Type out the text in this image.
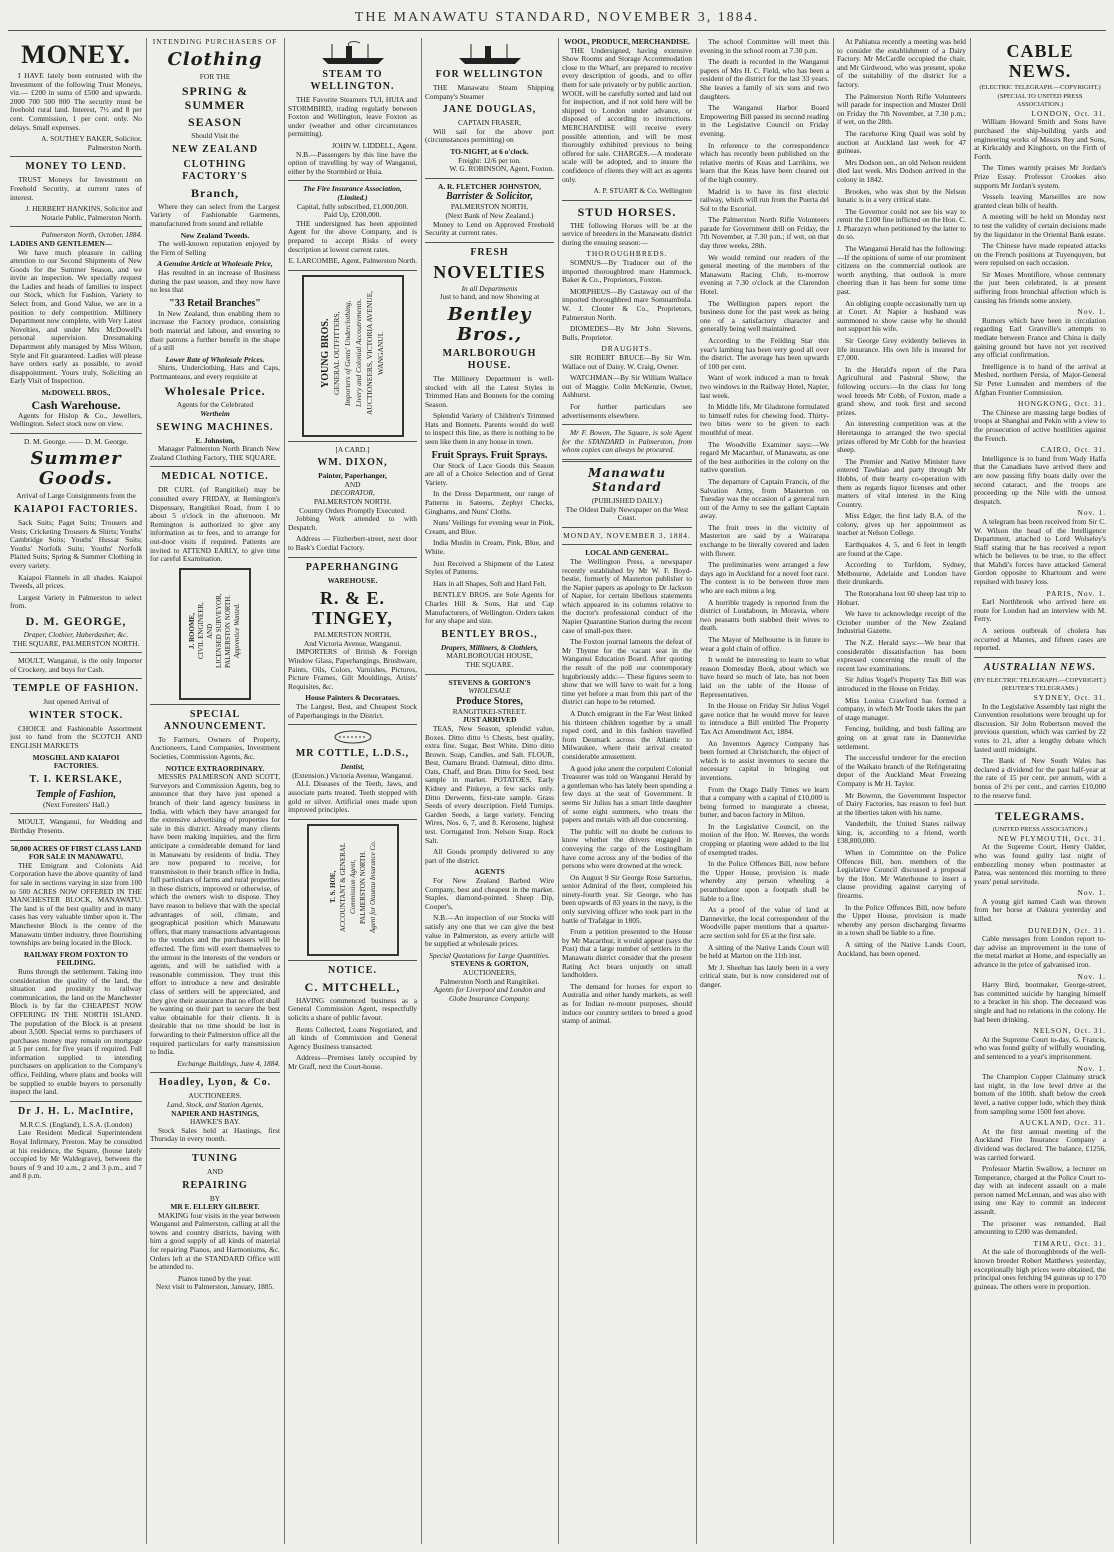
THE MANAWATU STANDARD, NOVEMBER 3, 1884.
MONEY.

I HAVE lately been entrusted with the Investment of the following Trust Moneys, viz.— £200 in sums of £500 and upwards. 2000 700 500 800 The security must be freehold rural land. Interest, 7½ and 8 per cent. Commission, 1 per cent. only. No delays. Small expenses.

A. SOUTHEY BAKER, Solicitor, Palmerston North.
MONEY TO LEND.

TRUST Moneys for Investment on Freehold Security, at current rates of interest.

J. HERBERT HANKINS, Solicitor and Notarie Public, Palmerston North.
Palmerston North, October, 1884.
LADIES AND GENTLEMEN—

We have much pleasure in calling attention to our Second Shipments of New Goods for the Summer Season, and we invite an inspection. We specially request the Ladies and heads of families to inspect our Stock, which for Fashion, Variety to Select from, and Good Value, we are in a position to defy competition. Millinery Department now complete, with Very Latest Novelties, and under Mrs McDowell's personal supervision. Dressmaking Department ably managed by Miss Wilson, Style and Fit guaranteed. Ladies will please have orders early as possible, to avoid disappointment. Yours truly, Soliciting an Early Visit of Inspection.

McDOWELL BROS.,
Cash Warehouse.

Agents for Hislop & Co., Jewellers, Wellington. Select stock now on view.

D. M. George. —— D. M. George.
Summer Goods.
Arrival of Large Consignments from the
KAIAPOI FACTORIES.

Sack Suits; Paget Suits; Trousers and Vests; Cricketing Trousers & Shirts; Youths' Cambridge Suits; Youths' Hussar Suits; Youths' Norfolk Suits; Youths' Norfolk Plaited Suits; Spring & Summer Clothing in every variety.

Kaiapoi Flannels in all shades. Kaiapoi Tweeds, all prices.

Largest Variety in Palmerston to select from.

D. M. GEORGE,
Draper, Clothier, Haberdasher, &c.
THE SQUARE, PALMERSTON NORTH.

MOULT, Wanganui, is the only Importer of Crockery, and buys for Cash.

TEMPLE OF FASHION.
Just opened Arrival of
WINTER STOCK.

CHOICE and Fashionable Assortment just to hand from the SCOTCH AND ENGLISH MARKETS

MOSGIEL AND KAIAPOI FACTORIES.
T. I. KERSLAKE,
Temple of Fashion,
(Next Foresters' Hall.)

MOULT, Wanganui, for Wedding and Birthday Presents.

50,000 ACRES OF FIRST CLASS LAND FOR SALE IN MANAWATU.

THE Emigrant and Colonists Aid Corporation have the above quantity of land for sale in sections varying in size from 100 to 500 ACRES NOW OFFERED IN THE MANCHESTER BLOCK, MANAWATU. The land is of the best quality and in many cases has very valuable timber upon it. The Manchester Block is the centre of the Manawatu timber industry, three flourishing townships are being located in the Block.

RAILWAY FROM FOXTON TO FEILDING.

Runs through the settlement. Taking into consideration the quality of the land, the situation and proximity to railway communication, the land on the Manchester Block is by far the CHEAPEST NOW OFFERING IN THE NORTH ISLAND. The population of the Block is at present about 3,500. Special terms to purchasers of purchases money may remain on mortgage at 5 per cent. for five years if required. Full information supplied to intending purchasers on application to the Company's office, Feilding, where plans and books will be supplied to enable buyers to personally inspect the land.

Dr J. H. L. MacIntire,
M.R.C.S. (England), L.S.A. (London)

Late Resident Medical Superintendent Royal Infirmary, Preston. May be consulted at his residence, the Square, (house lately occupied by Mr Waldegrave), between the hours of 9 and 10 a.m., 2 and 3 p.m., and 7 and 8 p.m.

INTENDING PURCHASERS OF
Clothing
FOR THE
SPRING & SUMMER
SEASON
Should Visit the
NEW ZEALAND
CLOTHING FACTORY'S
Branch,

Where they can select from the Largest Variety of Fashionable Garments, manufactured from sound and reliable

New Zealand Tweeds.

The well-known reputation enjoyed by the Firm of Selling

A Genuine Article at Wholesale Price,

Has resulted in an increase of Business during the past season, and they now have no less that

"33 Retail Branches"

In New Zealand, thus enabling them to increase the Factory produce, consisting both material and labour, and ensuring to their patrons a further benefit in the shape of a still

Lower Rate of Wholesale Prices.

Shirts, Underclothing, Hats and Caps, Portmanteaus, and every requisite at

Wholesale Price.
Agents for the Celebrated
Wertheim
SEWING MACHINES.
E. Johnston,

Manager Palmerston North Branch New Zealand Clothing Factory, THE SQUARE.

MEDICAL NOTICE.

DR CURL (of Rangitikei) may be consulted every FRIDAY, at Remington's Dispensary, Rangitikei Road, from 1 to about 5 o'clock in the afternoon. Mr Remington is authorized to give any information as to fees, and to arrange for out-door visits if required. Patients are invited to ATTEND EARLY, to give time for careful Examination.

J. ROOME, CIVIL ENGINEER, AND LICENSED SURVEYOR, PALMERSTON NORTH. Apprentice Wanted.
SPECIAL ANNOUNCEMENT.

To Farmers, Owners of Property, Auctioneers, Land Companies, Investment Societies, Commission Agents, &c.

NOTICE EXTRAORDINARY.

MESSRS PALMERSON AND SCOTT, Surveyors and Commission Agents, beg to announce that they have just opened a branch of their land agency business in India, with which they have arranged for the extensive advertising of properties for sale in this district. Already many clients have been making inquiries, and the firm anticipate a considerable demand for land in Manawatu by residents of India. They are now prepared to receive, for transmission to their branch office in India, full particulars of farms and rural properties in these districts, improved or otherwise, of which the owners wish to dispose. They have reason to believe that with the special advantages of soil, climate, and geographical position which Manawatu offers, that many transactions advantageous to the vendors and the purchasers will be effected. The firm will exert themselves to the utmost in the interests of the vendors or agents, and will be satisfied with a reasonable commission. They trust this effort to introduce a new and desirable class of settlers will be appreciated, and they give their assurance that no effort shall be wanting on their part to secure the best value obtainable for their clients. It is desirable that no time should be lost in forwarding to their Palmerston office all the required particulars for early transmission to India.

Exchange Buildings, June 4, 1884.
Hoadley, Lyon, & Co.
AUCTIONEERS.
Land, Stock, and Station Agents,
NAPIER AND HASTINGS,
HAWKE'S BAY.

Stock Sales held at Hastings, first Thursday in every month.

TUNING
AND
REPAIRING
BY
MR E. ELLERY GILBERT.

MAKING four visits in the year between Wanganui and Palmerston, calling at all the towns and country districts, having with him a good supply of all kinds of material for repairing Pianos, and Harmoniums, &c. Orders left at the STANDARD Office will be attended to.

Pianos tuned by the year.
Next visit to Palmerston, January, 1885.
STEAM TO WELLINGTON.

THE Favorite Steamers TUI, HUIA and STORMBIRD, trading regularly between Foxton and Wellington, leave Foxton as under (weather and other circumstances permitting).

JOHN W. LIDDELL, Agent.

N.B.—Passengers by this line have the option of travelling by way of Wanganui, either by the Stormbird or Huia.

The Fire Insurance Association, (Limited.)
Capital, fully subscribed, £1,000,000.
Paid Up, £200,000.

THE undersigned has been appointed Agent for the above Company, and is prepared to accept Risks of every description at lowest current rates.

E. LARCOMBE, Agent, Palmerston North.
YOUNG BROS. GENERAL OUTFITTERS, Importers of Gents' Underclothing, Livery and Colonial Accoutrements. AUCTIONEERS, VICTORIA AVENUE, WANGANUI.
[A CARD.]
WM. DIXON,
Painter, Paperhanger,
AND
DECORATOR,
PALMERSTON NORTH.
Country Orders Promptly Executed.

Jobbing Work attended to with Despatch.

Address — Fitzherbert-street, next door to Bask's Cordial Factory.

PAPERHANGING
WAREHOUSE.
R. & E. TINGEY,
PALMERSTON NORTH,
And Victoria Avenue, Wanganui.

IMPORTERS of British & Foreign Window Glass, Paperhangings, Brushware, Paints, Oils, Colors, Varnishes, Pictures, Picture Frames, Gilt Mouldings, Artists' Requisites, &c.

House Painters & Decorators.

The Largest, Best, and Cheapest Stock of Paperhangings in the District.

MR COTTLE, L.D.S.,
Dentist,
(Extension.) Victoria Avenue, Wanganui.

ALL Diseases of the Teeth, Jaws, and associate parts treated. Teeth stopped with gold or silver. Artificial ones made upon improved principles.

T. S. HOE, ACCOUNTANT & GENERAL Commission Agent, PALMERSTON NORTH. Agent for Otautau Insurance Co.
NOTICE.
C. MITCHELL,

HAVING commenced business as a General Commission Agent, respectfully solicits a share of public favour.

Rents Collected, Loans Negotiated, and all kinds of Commission and General Agency Business transacted.

Address—Premises lately occupied by Mr Graff, next the Court-house.

FOR WELLINGTON

THE Manawatu Steam Shipping Company's Steamer

JANE DOUGLAS,
CAPTAIN FRASER,

Will sail for the above port (circumstances permitting) on

TO-NIGHT, at 6 o'clock.
Freight: 12/6 per ton.
W. G. ROBINSON, Agent, Foxton.
A. R. FLETCHER JOHNSTON,
Barrister & Solicitor,
PALMERSTON NORTH,
(Next Bank of New Zealand.)

Money to Lend on Approved Freehold Security at current rates.

FRESH
NOVELTIES
In all Departments
Just to hand, and now Showing at
Bentley Bros.,
MARLBOROUGH HOUSE.

The Millinery Department is well-stocked with all the Latest Styles in Trimmed Hats and Bonnets for the coming Season.

Splendid Variety of Children's Trimmed Hats and Bonnets. Parents would do well to inspect this line, as there is nothing to be seen like them in any house in town.

Fruit Sprays. Fruit Sprays.

Our Stock of Lace Goods this Season are all of a Choice Selection and of Great Variety.

In the Dress Department, our range of Patterns in Sateens, Zephyr Checks, Ginghams, and Nuns' Cloths.

Nuns' Veilings for evening wear in Pink, Cream, and Blue.

India Muslin in Cream, Pink, Blue, and White.

Just Received a Shipment of the Latest Styles of Patterns.

Hats in all Shapes, Soft and Hard Felt.

BENTLEY BROS. are Sole Agents for Charles Hill & Sons, Hat and Cap Manufacturers, of Wellington. Orders taken for any shape and size.

BENTLEY BROS.,
Drapers, Milliners, & Clothiers,
MARLBOROUGH HOUSE,
THE SQUARE.
STEVENS & GORTON'S
WHOLESALE
Produce Stores,
RANGITIKEI-STREET.
JUST ARRIVED

TEAS, New Season, splendid value, Boxes. Ditto ditto ½ Chests, best quality, extra fine. Sugar, Best White. Ditto ditto Brown. Soap, Candles, and Salt. FLOUR, Best, Oamaru Brand. Oatmeal, ditto ditto. Oats, Chaff, and Bran. Ditto for Seed, best sample in market. POTATOES, Early Kidney and Pinkeye, a few sacks only. Ditto Derwents, first-rate sample. Grass Seeds of every description. Field Turnips. Garden Seeds, a large variety. Fencing Wires, Nos. 6, 7, and 8. Kerosene, highest test. Corrugated Iron. Nelson Soap. Rock Salt.

All Goods promptly delivered to any part of the district.

AGENTS

For New Zealand Barbed Wire Company, best and cheapest in the market. Staples, diamond-pointed. Sheep Dip, Cooper's,

N.B.—An inspection of our Stocks will satisfy any one that we can give the best value in Palmerston, as every article will be supplied at wholesale prices.

Special Quotations for Large Quantities.
STEVENS & GORTON,
AUCTIONEERS,
Palmerston North and Rangitikei.
Agents for Liverpool and London and Globe Insurance Company.
WOOL, PRODUCE, MERCHANDISE.

THE Undersigned, having extensive Show Rooms and Storage Accommodation close to the Wharf, are prepared to receive every description of goods, and to offer them for sale privately or by public auction. WOOL will be carefully sorted and laid out for inspection, and if not sold here will be shipped to London under advance, or disposed of according to instructions. MERCHANDISE will receive every possible attention, and will be most thoroughly exhibited previous to being offered for sale. CHARGES.—A moderate scale will be adopted, and to insure the confidence of clients they will act as agents only.

A. P. STUART & Co. Wellington
STUD HORSES.

THE following Horses will be at the service of breeders in the Manawatu district during the ensuing season:—

THOROUGHBREDS.

SOMNUS—By Traducer out of the imported thoroughbred mare Hammock. Baker & Co., Proprietors, Foxton.

MORPHEUS—By Castaway out of the imported thoroughbred mare Somnambula. W. J. Clouter & Co., Proprietors, Palmerston North.

DIOMEDES—By Mr John Stevens, Bulls, Proprietor.

DRAUGHTS.

SIR ROBERT BRUCE—By Sir Wm. Wallace out of Daisy. W. Craig, Owner.

WATCHMAN—By Sir William Wallace out of Maggie. Colin McKenzie, Owner, Ashhurst.

For further particulars see advertisements elsewhere.

Mr F. Bowen, The Square, is sole Agent for the STANDARD in Palmerston, from whom copies can always be procured.

Manawatu Standard
(PUBLISHED DAILY.)
The Oldest Daily Newspaper on the West Coast.
MONDAY, NOVEMBER 3, 1884.
LOCAL AND GENERAL.

The Wellington Press, a newspaper recently established by Mr W. F. Boyd-bestie, formerly of Masterton publisher to the Napier papers as apology to Dr Jackson of Napier, for certain libellous statements which appeared in its columns relative to the doctor's professional conduct of the Napier Quarantine Station during the recent case of small-pox there.

The Foxton journal laments the defeat of Mr Thynne for the vacant seat in the Wanganui Education Board. After quoting the result of the poll our contemporary lugubriously adds:— These figures seem to show that we will have to wait for a long time yet before a man from this part of the district can hope to be returned.

A Dutch emigrant in the Far West linked his thirteen children together by a small roped cord, and in this fashion travelled from Denmark across the Atlantic to Milwaukee, where their arrival created considerable amusement.

A good joke anent the corpulent Colonial Treasurer was told on Wanganui Herald by a gentleman who has lately been spending a few days at the seat of Government. It seems Sir Julius has a smart little daughter of some eight summers, who treats the papers and metals with all due concerning.

The public will no doubt be curious to know whether the drivers engaged in conveying the cargo of the Lostinglham have come across any of the bodies of the persons who were drowned at the wreck.

On August 9 Sir George Rose Sartorius, senior Admiral of the fleet, completed his ninety-fourth year. Sir George, who has been upwards of 83 years in the navy, is the only surviving officer who took part in the battle of Trafalgar in 1805.

From a petition presented to the House by Mr Macarthur, it would appear (says the Post) that a large number of settlers in the Manawatu district consider that the present Rating Act bears unjustly on small landholders.

The demand for horses for export to Australia and other handy markets, as well as for Indian re-mount purposes, should induce our country settlers to breed a good stamp of animal.

The school Committee will meet this evening in the school room at 7.30 p.m.

The death is recorded in the Wanganui papers of Mrs H. C. Field, who has been a resident of the district for the last 33 years. She leaves a family of six sons and two daughters.

The Wanganui Harbor Board Empowering Bill passed its second reading in the Legislative Council on Friday evening.

In reference to the correspondence which has recently been published on the relative merits of Keas and Larrikins, we learn that the Keas have been cleared out of the high country.

Madrid is to have its first electric railway, which will run from the Puerta del Sol to the Escorial.

The Palmerston North Rifle Volunteers parade for Government drill on Friday, the 7th November, at 7.30 p.m.; if wet, on that day three weeks, 28th.

We would remind our readers of the general meeting of the members of the Manawatu Racing Club, to-morrow evening at 7.30 o'clock at the Clarendon Hotel.

The Wellington papers report the business done for the past week as being one of a satisfactory character and generally being well maintained.

According to the Feilding Star this year's lambing has been very good all over the district. The average has been upwards of 100 per cent.

Want of work induced a man to break two windows in the Railway Hotel, Napier, last week.

In Middle life, Mr Gladstone formulated to himself rules for chewing food. Thirty-two bites were to be given to each mouthful of meat.

The Woodville Examiner says:—We regard Mr Macarthur, of Manawatu, as one of the best authorities in the colony on the native question.

The departure of Captain Francis, of the Salvation Army, from Masterton on Tuesday was the occasion of a general turn out of the Army to see the gallant Captain away.

The fruit trees in the vicinity of Masterton are said by a Wairarapa exchange to be literally covered and laden with flower.

The preliminaries were arranged a few days ago in Auckland for a novel foot race. The contest is to be between three men who are each minus a leg.

A horrible tragedy is reported from the district of Loudaboun, in Moravia, where two peasants both stabbed their wives to death.

The Mayor of Melbourne is in future to wear a gold chain of office.

It would be interesting to learn to what reason Domesday Book, about which we have heard so much of late, has not been laid on the table of the House of Representatives.

In the House on Friday Sir Julius Vogel gave notice that he would move for leave to introduce a Bill entitled The Property Tax Act Amendment Act, 1884.

An Inventors Agency Company has been formed at Christchurch, the object of which is to assist inventors to secure the necessary capital in bringing out inventions.

From the Otago Daily Times we learn that a company with a capital of £10,000 is being formed to inaugurate a cheese, butter, and bacon factory in Milton.

In the Legislative Council, on the motion of the Hon. W. Reeves, the words cropping or planting were added to the list of exempted trades.

In the Police Offences Bill, now before the Upper House, provision is made whereby any person wheeling a perambulator upon a footpath shall be liable to a fine.

As a proof of the value of land at Dannevirke, the local correspondent of the Woodville paper mentions that a quarter-acre section sold for £6 at the first sale.

A sitting of the Native Lands Court will be held at Marton on the 11th inst.

Mr J. Sheehan has lately been in a very critical state, but is now considered out of danger.

At Pahiatua recently a meeting was held to consider the establishment of a Dairy Factory. Mr McCardle occupied the chair, and Mr Girdwood, who was present, spoke of the suitability of the district for a factory.

The Palmerston North Rifle Volunteers will parade for inspection and Muster Drill on Friday the 7th November, at 7.30 p.m.; if wet, on the 28th.

The racehorse King Quail was sold by auction at Auckland last week for 47 guineas.

Mrs Dodson sen., an old Nelson resident died last week. Mrs Dodson arrived in the colony in 1842.

Brookes, who was shot by the Nelson lunatic is in a very critical state.

The Governor could not see his way to remit the £100 fine inflicted on the Hon. C. J. Pharazyn when petitioned by the latter to do so.

The Wanganui Herald has the following:—If the opinions of some of our prominent citizens on the commercial outlook are worth anything, that outlook is more cheering than it has been for some time past.

An obliging couple occasionally turn up at Court. At Napier a husband was summoned to show cause why he should not support his wife.

Sir George Grey evidently believes in life insurance. His own life is insured for £7,000.

In the Herald's report of the Para Agricultural and Pastoral Show, the following occurs:—In the class for long wool breeds Mr Cobb, of Foxton, made a grand show, and took first and second prizes.

An interesting competition was at the Heretaunga to arranged the two special prizes offered by Mr Cobb for the heaviest sheep.

The Premier and Native Minister have entered Tawhiao and party through Mr Hobbs, of their hearty co-operation with them as regards liquor licenses and other matters of vital interest in the King Country.

Miss Edger, the first lady B.A. of the colony, gives up her appointment as teacher at Nelson College.

Earthquakes 4, 5, and 6 feet in length are found at the Cape.

According to Turfdom, Sydney, Melbourne, Adelaide and London have their drunkards.

The Rotorahana lost 60 sheep last trip to Hobart.

We have to acknowledge receipt of the October number of the New Zealand Industrial Gazette.

The N.Z. Herald says:—We hear that considerable dissatisfaction has been expressed concerning the result of the recent law examinations.

Sir Julius Vogel's Property Tax Bill was introduced in the House on Friday.

Miss Louisa Crawford has formed a company, in which Mr Tootle takes the part of stage manager.

Fencing, building, and bush falling are going on at great rate in Dannevirke settlement.

The successful tenderer for the erection of the Waikato branch of the Refrigerating depot of the Auckland Meat Freezing Company is Mr H. Taylor.

Mr Bowron, the Government Inspector of Dairy Factories, has reason to feel hurt at the liberties taken with his name.

Vanderbilt, the United States railway king, is, according to a friend, worth £38,800,000.

When in Committee on the Police Offences Bill, hon. members of the Legislative Council discussed a proposal by the Hon. Mr Waterhouse to insert a clause providing against carrying of firearms.

In the Police Offences Bill, now before the Upper House, provision is made whereby any person discharging firearms in a town shall be liable to a fine.

A sitting of the Native Lands Court, Auckland, has been opened.

CABLE NEWS.
(ELECTRIC TELEGRAPH.—COPYRIGHT.) (SPECIAL TO UNITED PRESS ASSOCIATION.)
LONDON, Oct. 31.

William Howard Smith and Sons have purchased the ship-building yards and engineering works of Messrs Rey and Sons, at Kirkcaldy and Kinghorn, on the Firth of Forth.

The Times warmly praises Mr Jordan's Prize Essay. Professor Crookes also supports Mr Jordan's system.

Vessels leaving Marseilles are now granted clean bills of health.

A meeting will be held on Monday next to test the validity of certain decisions made by the liquidator in the Oriental Bank estate.

The Chinese have made repeated attacks on the French positions at Tuyenquyen, but were repulsed on each occasion.

Sir Moses Montifiore, whose centenary the just been celebrated, is at present suffering from bronchial affection which is causing his friends some anxiety.

Nov. 1.

Rumors which have been in circulation regarding Earl Granville's attempts to mediate between France and China is daily gaining ground but have not yet received any official confirmation.

Intelligence is to hand of the arrival at Meshed, northern Persia, of Major-General Sir Peter Lumsden and members of the Afghan Frontier Commission.

HONGKONG, Oct. 31.

The Chinese are massing large bodies of troops at Shanghai and Pekin with a view to the prosecution of active hostilities against the French.

CAIRO, Oct. 31.

Intelligence is to hand from Wady Halfa that the Canadians have arrived there and are now passing fifty boats daily over the second cataract, and the troops are proceeding up the Nile with the utmost despatch.

Nov. 1.

A telegram has been received from Sir C. W. Wilson the head of the Intelligence Department, attached to Lord Wolseley's Staff stating that he has received a report which he believes to be true, to the effect that Mahdi's forces have attacked General Gordon opposite to Khartoum and were repulsed with heavy loss.

PARIS, Nov. 1.

Earl Northbrook who arrived here en route for London had an interview with M. Ferry.

A serious outbreak of cholera has occurred at Mantes, and fifteen cases are reported.

AUSTRALIAN NEWS.
(BY ELECTRIC TELEGRAPH.—COPYRIGHT.) (REUTER'S TELEGRAMS.)
SYDNEY, Oct. 31.

In the Legislative Assembly last night the Convention resolutions were brought up for discussion. Sir John Robertson moved the previous question, which was carried by 22 votes to 21, after a lengthy debate which lasted until midnight.

The Bank of New South Wales has declared a dividend for the past half-year at the rate of 15 per cent. per annum, with a bonus of 2½ per cent., and carries £10,000 to the reserve fund.

TELEGRAMS.
(UNITED PRESS ASSOCIATION.)
NEW PLYMOUTH, Oct. 31.

At the Supreme Court, Henry Oalder, who was found guilty last night of embezzling money when postmaster at Patea, was sentenced this morning to three years' penal servitude.

Nov. 1.

A young girl named Cash was thrown from her horse at Oakura yesterday and killed.

DUNEDIN, Oct. 31.

Cable messages from London report to-day advise an improvement in the tone of the metal market at Home, and especially an advance in the price of galvanised iron.

Nov. 1.

Harry Bird, bootmaker, George-street, has committed suicide by hanging himself to a bracket in his shop. The deceased was single and had no relations in the colony. He had been drinking.

NELSON, Oct. 31.

At the Supreme Court to-day, G. Francis, who was found guilty of wilfully wounding, and sentenced to a year's imprisonment.

Nov. 1.

The Champion Copper Claimany struck last night, in the low level drive at the bottom of the 100ft. shaft below the creek level, a native copper lode, which they think from sampling some 1500 feet above.

AUCKLAND, Oct. 31.

At the first annual meeting of the Auckland Fire Insurance Company a dividend was declared. The balance, £1256, was carried forward.

Professor Martin Swallow, a lecturer on Temperance, charged at the Police Court to-day with an indecent assault on a male person named McLennan, and was also with using one Kay to commit an indecent assault.

The prisoner was remanded. Bail amounting to £200 was demanded.

TIMARU, Oct. 31.

At the sale of thoroughbreds of the well-known breeder Robert Matthews yesterday, exceptionally high prices were obtained, the principal ones fetching 94 guineas up to 170 guineas. The others were in proportion.
